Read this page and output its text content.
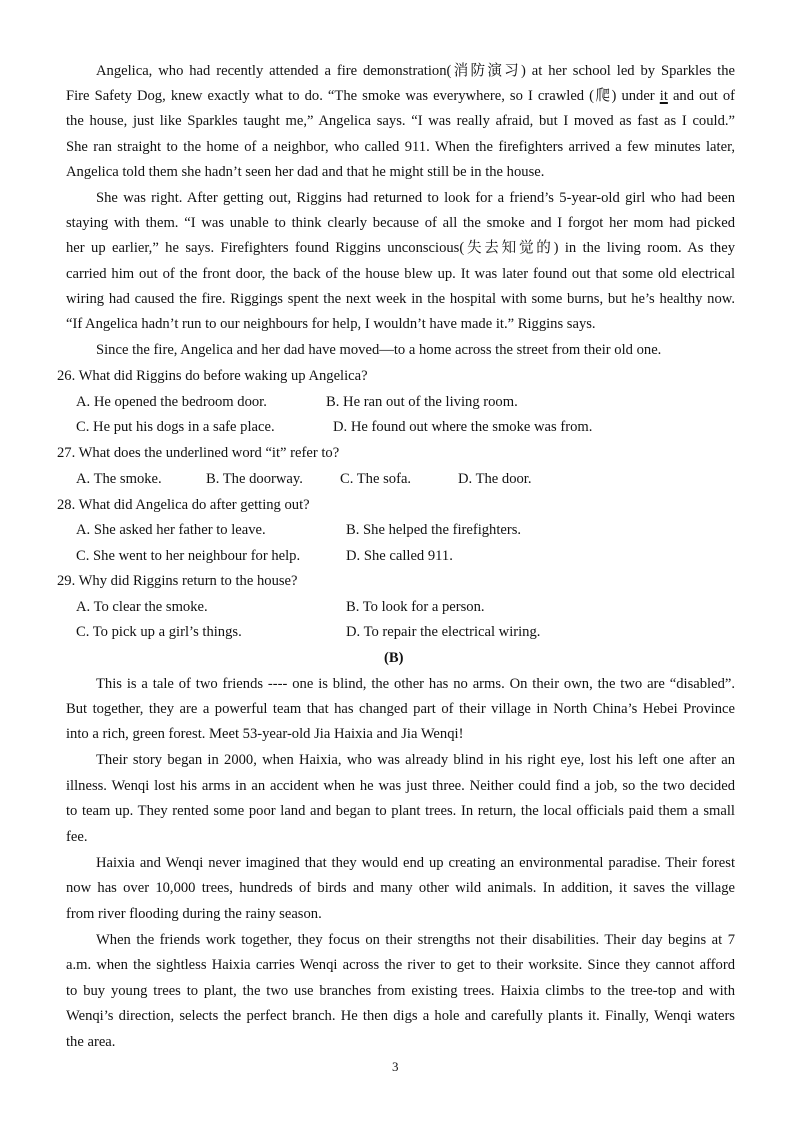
Angelica, who had recently attended a fire demonstration(消防演习) at her school led by Sparkles the
Fire Safety Dog, knew exactly what to do. “The smoke was everywhere, so I crawled (爬) under it and out of
the house, just like Sparkles taught me,” Angelica says. “I was really afraid, but I moved as fast as I could.”
She ran straight to the home of a neighbor, who called 911. When the firefighters arrived a few minutes later,
Angelica told them she hadn’t seen her dad and that he might still be in the house.
She was right. After getting out, Riggins had returned to look for a friend’s 5-year-old girl who had been
staying with them. “I was unable to think clearly because of all the smoke and I forgot her mom had picked
her up earlier,” he says. Firefighters found Riggins unconscious(失去知觉的) in the living room. As they
carried him out of the front door, the back of the house blew up. It was later found out that some old electrical
wiring had caused the fire. Riggings spent the next week in the hospital with some burns, but he’s healthy now.
“If Angelica hadn’t run to our neighbours for help, I wouldn’t have made it.” Riggins says.
Since the fire, Angelica and her dad have moved—to a home across the street from their old one.
26. What did Riggins do before waking up Angelica?
A. He opened the bedroom door.	B. He ran out of the living room.
C. He put his dogs in a safe place.	D. He found out where the smoke was from.
27. What does the underlined word “it” refer to?
A. The smoke.	B. The doorway.	C. The sofa.	D. The door.
28. What did Angelica do after getting out?
A. She asked her father to leave.	B. She helped the firefighters.
C. She went to her neighbour for help.	D. She called 911.
29. Why did Riggins return to the house?
A. To clear the smoke.	B. To look for a person.
C. To pick up a girl’s things.	D. To repair the electrical wiring.
(B)
This is a tale of two friends ---- one is blind, the other has no arms. On their own, the two are “disabled”.
But together, they are a powerful team that has changed part of their village in North China’s Hebei Province
into a rich, green forest. Meet 53-year-old Jia Haixia and Jia Wenqi!
Their story began in 2000, when Haixia, who was already blind in his right eye, lost his left one after an
illness. Wenqi lost his arms in an accident when he was just three. Neither could find a job, so the two decided
to team up. They rented some poor land and began to plant trees. In return, the local officials paid them a small
fee.
Haixia and Wenqi never imagined that they would end up creating an environmental paradise. Their forest
now has over 10,000 trees, hundreds of birds and many other wild animals. In addition, it saves the village
from river flooding during the rainy season.
When the friends work together, they focus on their strengths not their disabilities. Their day begins at 7
a.m. when the sightless Haixia carries Wenqi across the river to get to their worksite. Since they cannot afford
to buy young trees to plant, the two use branches from existing trees. Haixia climbs to the tree-top and with
Wenqi’s direction, selects the perfect branch. He then digs a hole and carefully plants it. Finally, Wenqi waters
the area.
3
